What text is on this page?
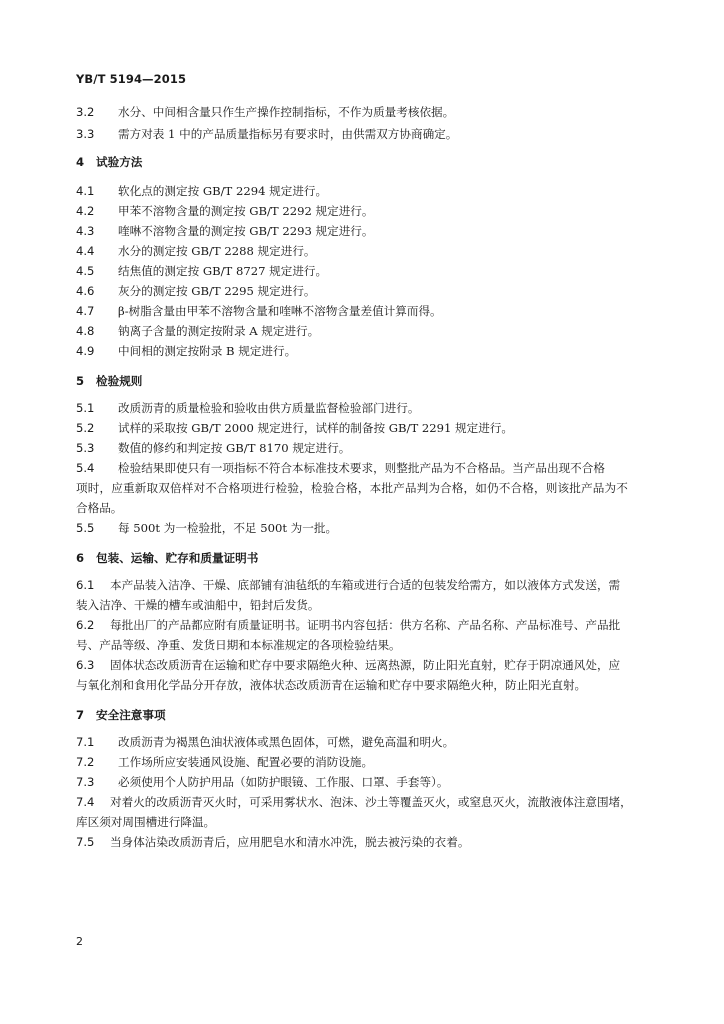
YB/T 5194—2015
3.2 水分、中间相含量只作生产操作控制指标，不作为质量考核依据。
3.3 需方对表 1 中的产品质量指标另有要求时，由供需双方协商确定。
4 试验方法
4.1 软化点的测定按 GB/T 2294 规定进行。
4.2 甲苯不溶物含量的测定按 GB/T 2292 规定进行。
4.3 喹啉不溶物含量的测定按 GB/T 2293 规定进行。
4.4 水分的测定按 GB/T 2288 规定进行。
4.5 结焦值的测定按 GB/T 8727 规定进行。
4.6 灰分的测定按 GB/T 2295 规定进行。
4.7 β-树脂含量由甲苯不溶物含量和喹啉不溶物含量差值计算而得。
4.8 钠离子含量的测定按附录 A 规定进行。
4.9 中间相的测定按附录 B 规定进行。
5 检验规则
5.1 改质沥青的质量检验和验收由供方质量监督检验部门进行。
5.2 试样的采取按 GB/T 2000 规定进行，试样的制备按 GB/T 2291 规定进行。
5.3 数值的修约和判定按 GB/T 8170 规定进行。
5.4 检验结果即使只有一项指标不符合本标准技术要求，则整批产品为不合格品。当产品出现不合格
项时，应重新取双倍样对不合格项进行检验，检验合格，本批产品判为合格，如仍不合格，则该批产品为不
合格品。
5.5 每 500t 为一检验批，不足 500t 为一批。
6 包装、运输、贮存和质量证明书
6.1 本产品装入洁净、干燥、底部铺有油毡纸的车箱或进行合适的包装发给需方，如以液体方式发送，需
装入洁净、干燥的槽车或油船中，铅封后发货。
6.2 每批出厂的产品都应附有质量证明书。证明书内容包括：供方名称、产品名称、产品标准号、产品批
号、产品等级、净重、发货日期和本标准规定的各项检验结果。
6.3 固体状态改质沥青在运输和贮存中要求隔绝火种、远离热源，防止阳光直射，贮存于阴凉通风处，应
与氧化剂和食用化学品分开存放，液体状态改质沥青在运输和贮存中要求隔绝火种，防止阳光直射。
7 安全注意事项
7.1 改质沥青为褐黑色油状液体或黑色固体，可燃，避免高温和明火。
7.2 工作场所应安装通风设施、配置必要的消防设施。
7.3 必须使用个人防护用品（如防护眼镜、工作服、口罩、手套等）。
7.4 对着火的改质沥青灭火时，可采用雾状水、泡沫、沙土等覆盖灭火，或窒息灭火，流散液体注意围堵，
库区须对周围槽进行降温。
7.5 当身体沾染改质沥青后，应用肥皂水和清水冲洗，脱去被污染的衣着。
2
